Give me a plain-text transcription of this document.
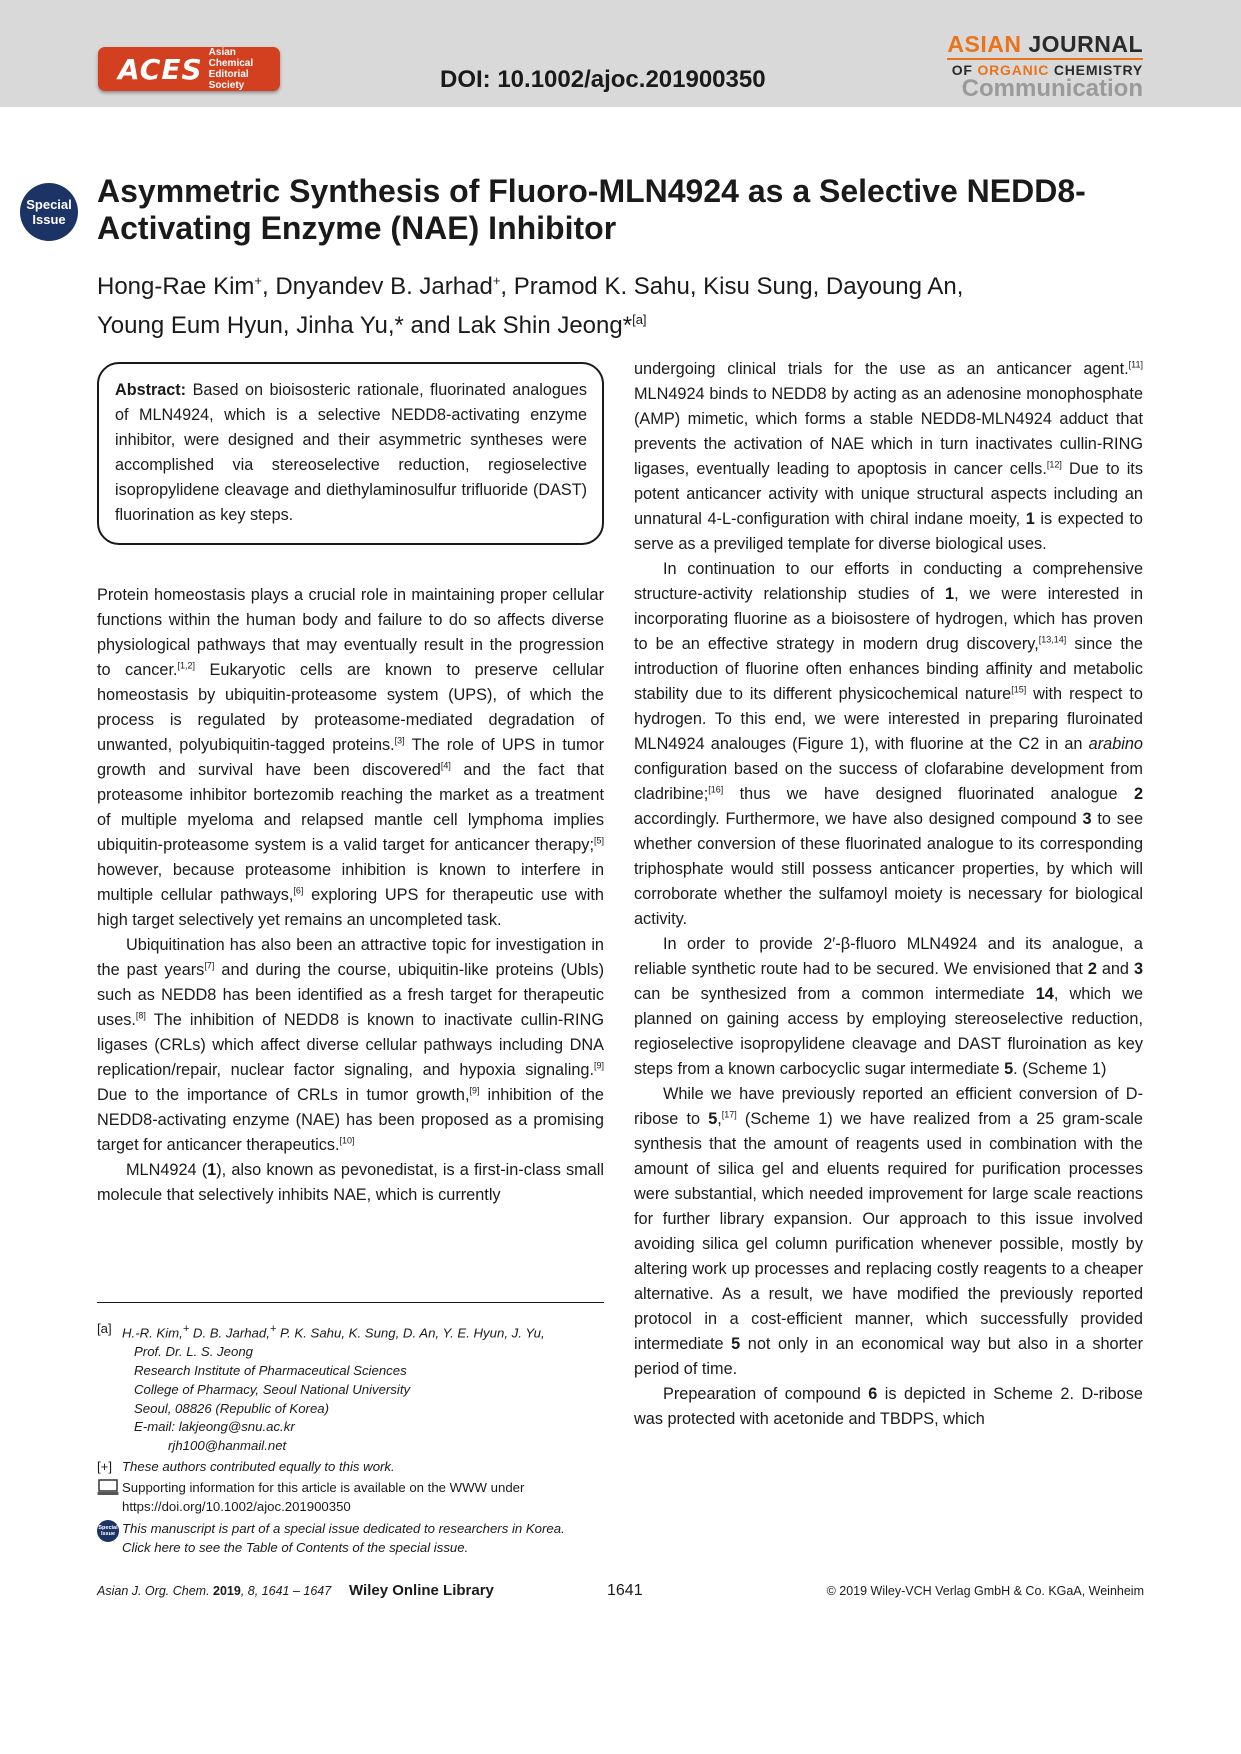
ACES Asian Chemical
Editorial Society	DOI: 10.1002/ajoc.201900350
ASIAN JOURNAL
OF ORGANIC CHEMISTRY
Communication
Special
Issue
Asymmetric Synthesis of Fluoro-MLN4924 as a Selective NEDD8-Activating Enzyme (NAE) Inhibitor
Hong-Rae Kim+, Dnyandev B. Jarhad+, Pramod K. Sahu, Kisu Sung, Dayoung An,
Young Eum Hyun, Jinha Yu,* and Lak Shin Jeong*[a]

Abstract: Based on bioisosteric rationale, fluorinated analogues of MLN4924, which is a selective NEDD8-activating enzyme inhibitor, were designed and their asymmetric syntheses were accomplished via stereoselective reduction, regioselective isopropylidene cleavage and diethylaminosulfur trifluoride (DAST) fluorination as key steps.

Protein homeostasis plays a crucial role in maintaining proper cellular functions within the human body and failure to do so affects diverse physiological pathways that may eventually result in the progression to cancer.[1,2] Eukaryotic cells are known to preserve cellular homeostasis by ubiquitin-proteasome system (UPS), of which the process is regulated by proteasome-mediated degradation of unwanted, polyubiquitin-tagged proteins.[3] The role of UPS in tumor growth and survival have been discovered[4] and the fact that proteasome inhibitor bortezomib reaching the market as a treatment of multiple myeloma and relapsed mantle cell lymphoma implies ubiquitin-proteasome system is a valid target for anticancer therapy;[5] however, because proteasome inhibition is known to interfere in multiple cellular pathways,[6] exploring UPS for therapeutic use with high target selectively yet remains an uncompleted task.

Ubiquitination has also been an attractive topic for investigation in the past years[7] and during the course, ubiquitin-like proteins (Ubls) such as NEDD8 has been identified as a fresh target for therapeutic uses.[8] The inhibition of NEDD8 is known to inactivate cullin-RING ligases (CRLs) which affect diverse cellular pathways including DNA replication/repair, nuclear factor signaling, and hypoxia signaling.[9] Due to the importance of CRLs in tumor growth,[9] inhibition of the NEDD8-activating enzyme (NAE) has been proposed as a promising target for anticancer therapeutics.[10]

MLN4924 (1), also known as pevonedistat, is a first-in-class small molecule that selectively inhibits NAE, which is currently

undergoing clinical trials for the use as an anticancer agent.[11] MLN4924 binds to NEDD8 by acting as an adenosine monophosphate (AMP) mimetic, which forms a stable NEDD8-MLN4924 adduct that prevents the activation of NAE which in turn inactivates cullin-RING ligases, eventually leading to apoptosis in cancer cells.[12] Due to its potent anticancer activity with unique structural aspects including an unnatural 4-L-configuration with chiral indane moeity, 1 is expected to serve as a previliged template for diverse biological uses.

In continuation to our efforts in conducting a comprehensive structure-activity relationship studies of 1, we were interested in incorporating fluorine as a bioisostere of hydrogen, which has proven to be an effective strategy in modern drug discovery,[13,14] since the introduction of fluorine often enhances binding affinity and metabolic stability due to its different physicochemical nature[15] with respect to hydrogen. To this end, we were interested in preparing fluroinated MLN4924 analouges (Figure 1), with fluorine at the C2 in an arabino configuration based on the success of clofarabine development from cladribine;[16] thus we have designed fluorinated analogue 2 accordingly. Furthermore, we have also designed compound 3 to see whether conversion of these fluorinated analogue to its corresponding triphosphate would still possess anticancer properties, by which will corroborate whether the sulfamoyl moiety is necessary for biological activity.

In order to provide 2′-β-fluoro MLN4924 and its analogue, a reliable synthetic route had to be secured. We envisioned that 2 and 3 can be synthesized from a common intermediate 14, which we planned on gaining access by employing stereoselective reduction, regioselective isopropylidene cleavage and DAST fluroination as key steps from a known carbocyclic sugar intermediate 5. (Scheme 1)

While we have previously reported an efficient conversion of D-ribose to 5,[17] (Scheme 1) we have realized from a 25 gram-scale synthesis that the amount of reagents used in combination with the amount of silica gel and eluents required for purification processes were substantial, which needed improvement for large scale reactions for further library expansion. Our approach to this issue involved avoiding silica gel column purification whenever possible, mostly by altering work up processes and replacing costly reagents to a cheaper alternative. As a result, we have modified the previously reported protocol in a cost-efficient manner, which successfully provided intermediate 5 not only in an economical way but also in a shorter period of time.

Prepearation of compound 6 is depicted in Scheme 2. D-ribose was protected with acetonide and TBDPS, which

[a] H.-R. Kim,+ D. B. Jarhad,+ P. K. Sahu, K. Sung, D. An, Y. E. Hyun, J. Yu,
Prof. Dr. L. S. Jeong
Research Institute of Pharmaceutical Sciences
College of Pharmacy, Seoul National University
Seoul, 08826 (Republic of Korea)
E-mail: lakjeong@snu.ac.kr
rjh100@hanmail.net
[+] These authors contributed equally to this work.
Supporting information for this article is available on the WWW under
https://doi.org/10.1002/ajoc.201900350
Special
Issue This manuscript is part of a special issue dedicated to researchers in Korea.
Click here to see the Table of Contents of the special issue.
Asian J. Org. Chem. 2019, 8, 1641 – 1647 Wiley Online Library	1641	© 2019 Wiley-VCH Verlag GmbH & Co. KGaA, Weinheim
